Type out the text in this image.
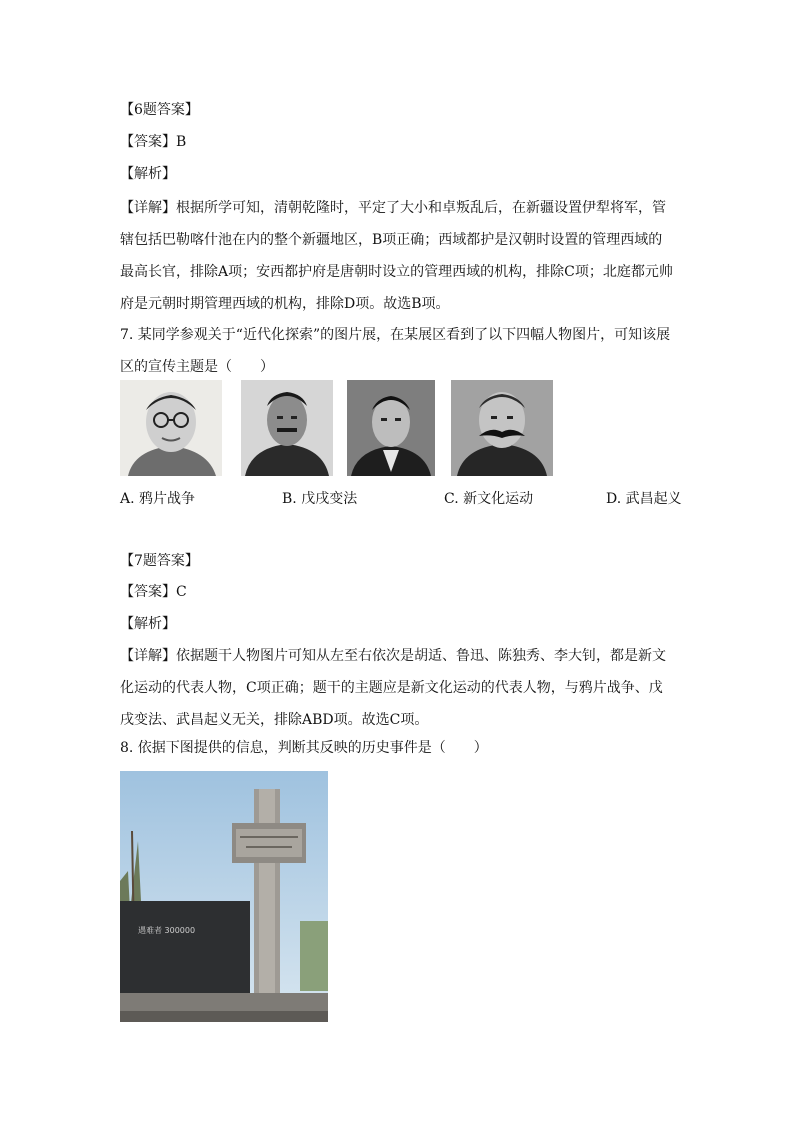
【6题答案】
【答案】B
【解析】
【详解】根据所学可知，清朝乾隆时，平定了大小和卓叛乱后，在新疆设置伊犁将军，管辖包括巴勒喀什池在内的整个新疆地区，B项正确；西域都护是汉朝时设置的管理西域的最高长官，排除A项；安西都护府是唐朝时设立的管理西域的机构，排除C项；北庭都元帅府是元朝时期管理西域的机构，排除D项。故选B项。
7. 某同学参观关于“近代化探索”的图片展，在某展区看到了以下四幅人物图片，可知该展区的宣传主题是（　　）
A. 鸦片战争	B. 戊戌变法	C. 新文化运动	D. 武昌起义
【7题答案】
【答案】C
【解析】
【详解】依据题干人物图片可知从左至右依次是胡适、鲁迅、陈独秀、李大钊，都是新文化运动的代表人物，C项正确；题干的主题应是新文化运动的代表人物，与鸦片战争、戊戌变法、武昌起义无关，排除ABD项。故选C项。
8. 依据下图提供的信息，判断其反映的历史事件是（　　）
遇难者 300000
